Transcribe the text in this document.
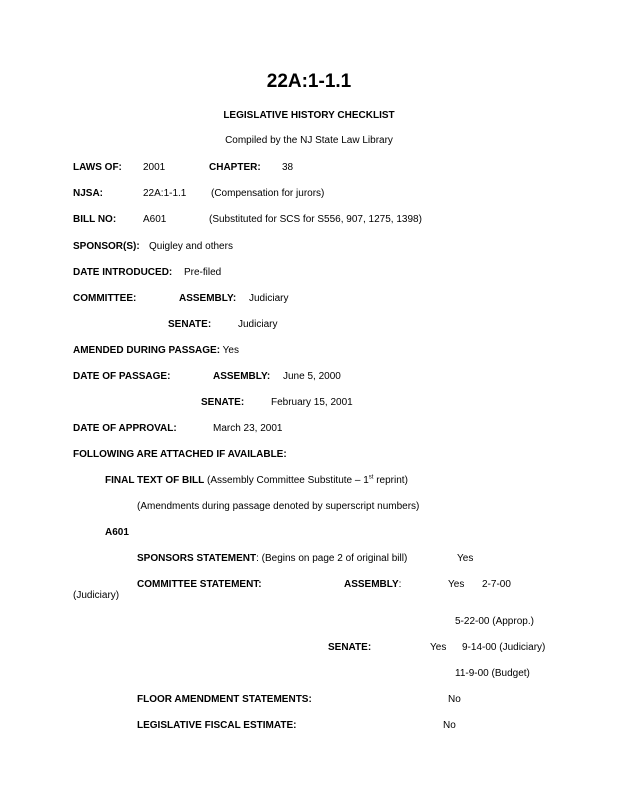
22A:1-1.1
LEGISLATIVE HISTORY CHECKLIST
Compiled by the NJ State Law Library
LAWS OF: 2001	CHAPTER: 38
NJSA:	22A:1-1.1 (Compensation for jurors)
BILL NO:	A601	(Substituted for SCS for S556, 907, 1275, 1398)
SPONSOR(S): Quigley and others
DATE INTRODUCED: Pre-filed
COMMITTEE:	ASSEMBLY: Judiciary
SENATE:	Judiciary
AMENDED DURING PASSAGE: Yes
DATE OF PASSAGE:	ASSEMBLY: June 5, 2000
SENATE:	February 15, 2001
DATE OF APPROVAL:	March 23, 2001
FOLLOWING ARE ATTACHED IF AVAILABLE:
FINAL TEXT OF BILL (Assembly Committee Substitute – 1st reprint)
(Amendments during passage denoted by superscript numbers)
A601
SPONSORS STATEMENT: (Begins on page 2 of original bill)	Yes
COMMITTEE STATEMENT:	ASSEMBLY:	Yes 2-7-00
(Judiciary)
5-22-00 (Approp.)
SENATE:	Yes 9-14-00 (Judiciary)
11-9-00 (Budget)
FLOOR AMENDMENT STATEMENTS:	No
LEGISLATIVE FISCAL ESTIMATE:	No
